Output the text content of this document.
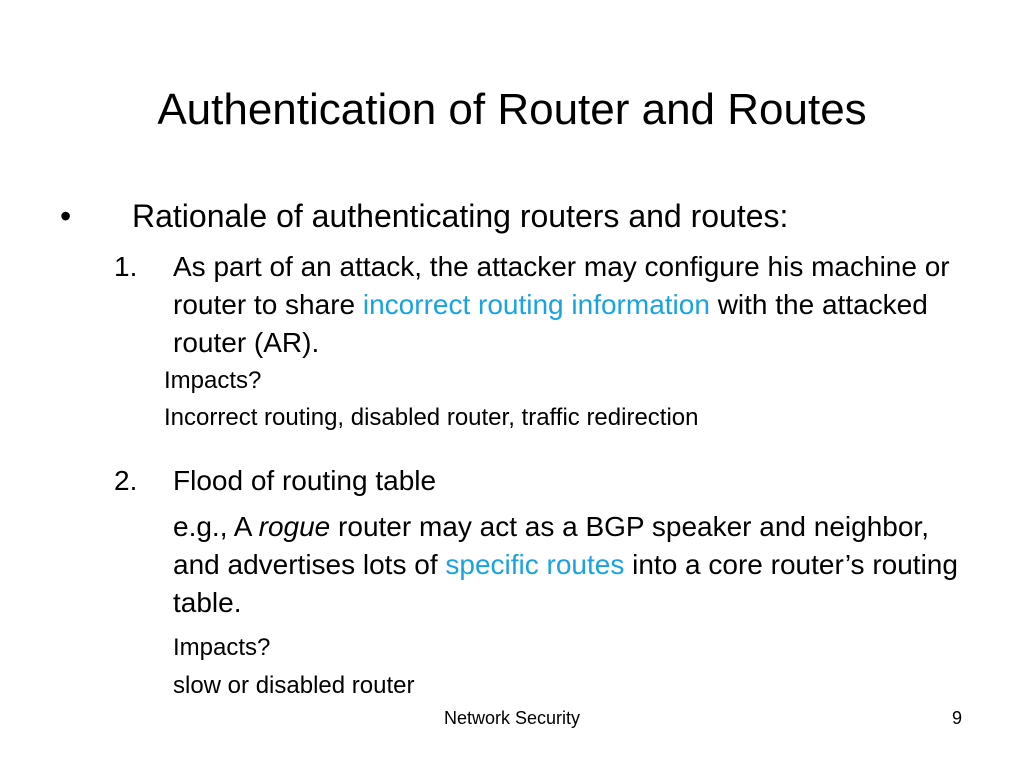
Authentication of Router and Routes
• Rationale of authenticating routers and routes:
1. As part of an attack, the attacker may configure his machine or router to share incorrect routing information with the attacked router (AR).
Impacts?
Incorrect routing, disabled router, traffic redirection
2. Flood of routing table
e.g., A rogue router may act as a BGP speaker and neighbor, and advertises lots of specific routes into a core router’s routing table.
Impacts?
slow or disabled router
Network Security	9
